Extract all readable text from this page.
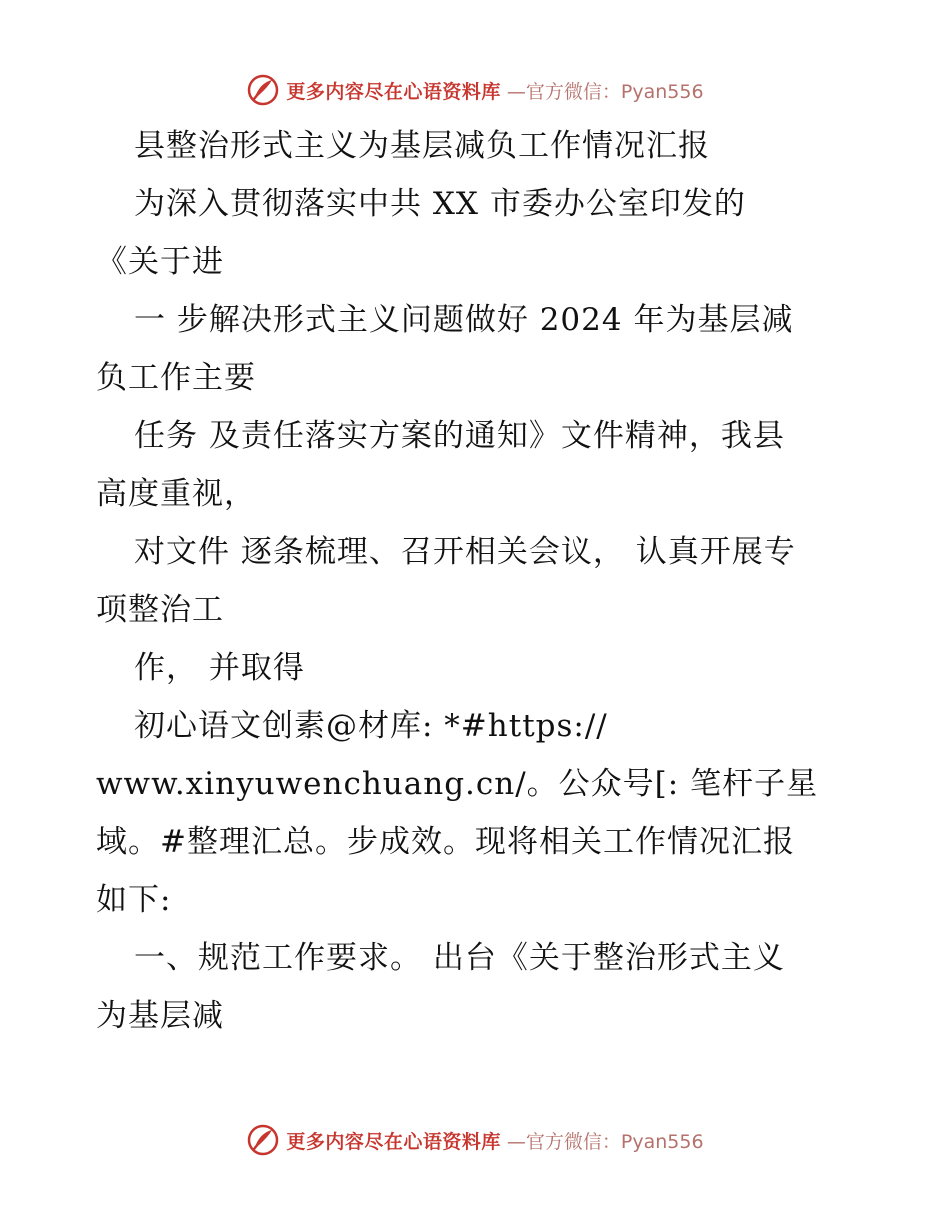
更多内容尽在心语资料库 —官方微信：Pyan556
县整治形式主义为基层减负工作情况汇报
为深入贯彻落实中共 XX 市委办公室印发的
《关于进
一 步解决形式主义问题做好 2024 年为基层减
负工作主要
任务 及责任落实方案的通知》文件精神，我县
高度重视，
对文件 逐条梳理、召开相关会议， 认真开展专
项整治工
作， 并取得
初心语文创素@材库: *#https://
www.xinyuwenchuang.cn/。公众号[: 笔杆子星
域。#整理汇总。步成效。现将相关工作情况汇报
如下:
一、规范工作要求。 出台《关于整治形式主义
为基层减
更多内容尽在心语资料库 —官方微信：Pyan556
